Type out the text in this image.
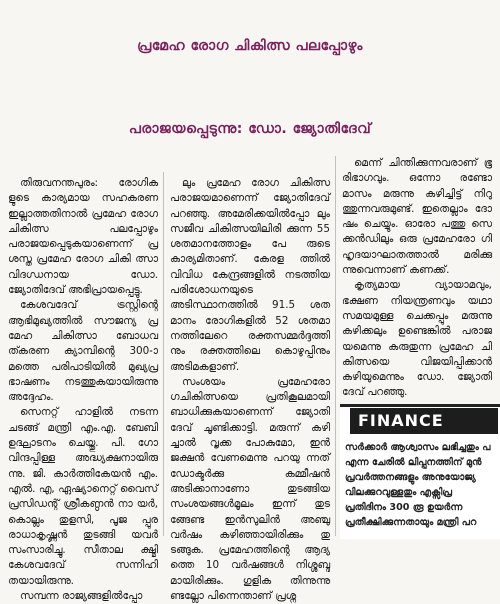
പ്രമേഹ രോഗ ചികിത്സ പലപ്പോഴും
പരാജയപ്പെടുന്നു: ഡോ. ജ്യോതിദേവ്

തിരുവനന്തപുരം: രോഗിക ളുടെ കാര്യമായ സഹകരണ ഇല്ലാത്തതിനാൽ പ്രമേഹ രോഗ ചികിത്സ പലപ്പോഴും പരാജയപ്പെടുകയാണെന്ന് പ്ര ശസ്ത പ്രമേഹ രോഗ ചികി ത്സാ വിദഗ്ധനായ ഡോ. ജ്യോതിദേവ് അഭിപ്രായപ്പെട്ടു.

കേശവദേവ് ട്രസ്റ്റിന്റെ ആഭിമുഖ്യത്തിൽ സൗജന്യ പ്ര മേഹ ചികിത്സാ ബോധവ ത്കരണ ക്യാമ്പിന്റെ 300-ാ മത്തെ പരിപാടിയിൽ മുഖ്യപ്ര ഭാഷണം നടത്തുകയായിരുന്നു അദ്ദേഹം.

സെനറ്റ് ഹാളിൽ നടന്ന ചടങ്ങ് മന്ത്രി എം.എ. ബേബി ഉദ്ഘാടനം ചെയ്തു. പി. ഗോ വിന്ദപ്പിള്ള അദ്ധ്യക്ഷനായിരു ന്നു. ജി. കാർത്തികേയൻ എം. എൽ. എ, ഏഷ്യാനെറ്റ് വൈസ് പ്രസിഡന്റ് ശ്രീകണ്ഠൻ നാ യർ, കൊല്ലം തുളസി, പൂജ പ്പുര രാധാകൃഷ്ണൻ തുടങ്ങി യവർ സംസാരിച്ചു. സീതാല ക്ഷ്മി കേശവദേവ് സന്നിഹി തയായിരുന്നു.

സമ്പന്ന രാജ്യങ്ങളിൽപ്പോ

ലും പ്രമേഹ രോഗ ചികിത്സ പരാജയമാണെന്ന് ജ്യോതിദേവ് പറഞ്ഞു. അമേരിക്കയിൽപ്പോ ലും സജീവ ചികിത്സയിലിരി ക്കുന്ന 55 ശതമാനത്തോളം പേ രുടെ കാര്യമിതാണ്. കേരള ത്തിൽ വിവിധ കേന്ദ്രങ്ങളിൽ നടത്തിയ പരിശോധനയുടെ അടിസ്ഥാനത്തിൽ 91.5 ശത മാനം രോഗികളിൽ 52 ശതമാ നത്തിലേറെ രക്തസമ്മർദ്ദത്തി നും രക്തത്തിലെ കൊഴുപ്പിനും അടിമകളാണ്.

സംശയം പ്രമേഹരോ ഗചികിത്സയെ പ്രതികൂലമായി ബാധിക്കുകയാണെന്ന് ജ്യോതി ദേവ് ചൂണ്ടിക്കാട്ടി. മരുന്ന് കഴി ച്ചാൽ വൃക്ക പോകുമോ, ഇൻ ജക്ഷൻ വേണമെന്നു പറയു ന്നത് ഡോക്ടർക്കു കമ്മീഷൻ അടിക്കാനാണോ തുടങ്ങിയ സംശയങ്ങൾമൂലം ഇന്ന് തുട ങ്ങേണ്ട ഇൻസുലിൻ അഞ്ചു വർഷം കഴിഞ്ഞായിരിക്കും തു ടങ്ങുക. പ്രമേഹത്തിന്റെ ആദ്യ ത്തെ 10 വർഷങ്ങൾ നിശ്ശബ്ദ മായിരിക്കും. ഗുളിക തിന്നുന്നു ണ്ടല്ലോ പിന്നെന്താണ് പ്രശ്ന

മെന്ന് ചിന്തിക്കുന്നവരാണ് ഭൂ രിഭാഗവും. ഒന്നോ രണ്ടോ മാസം മരുന്നു കഴിച്ചിട്ട് നിറു ത്തുന്നവരുമുണ്ട്. ഇതെല്ലാം ദോ ഷം ചെയ്യും. ഓരോ പത്തു സെ ക്കൻഡിലും ഒരു പ്രമേഹരോ ഗി ഹൃദയാഘാതത്താൽ മരിക്കു ന്നുവെന്നാണ് കണക്ക്.

കൃത്യമായ വ്യായാമവും, ഭക്ഷണ നിയന്ത്രണവും യഥാ സമയമുള്ള ചെക്കപ്പും മരുന്നു കഴിക്കലും ഉണ്ടെങ്കിൽ പരാജ യമെന്നു കരുതുന്ന പ്രമേഹ ചി കിത്സയെ വിജയിപ്പിക്കാൻ കഴിയുമെന്നും ഡോ. ജ്യോതി ദേവ് പറഞ്ഞു.

FINANCE

സർക്കാർ ആശ്വാസം ലഭിച്ചതും പ

എന്ന ചേരിൽ ലിപ്പനത്തിന് മുൻ

പ്രവർത്തനങ്ങളും അനുയോജ്യ

വിലക്കുറവുള്ളതും എക്സിപ്ര

പ്രതിദിനം 300 രൂ ഉയർന്ന

പ്രതീക്ഷിക്കുന്നതായും മന്ത്രി പറ
